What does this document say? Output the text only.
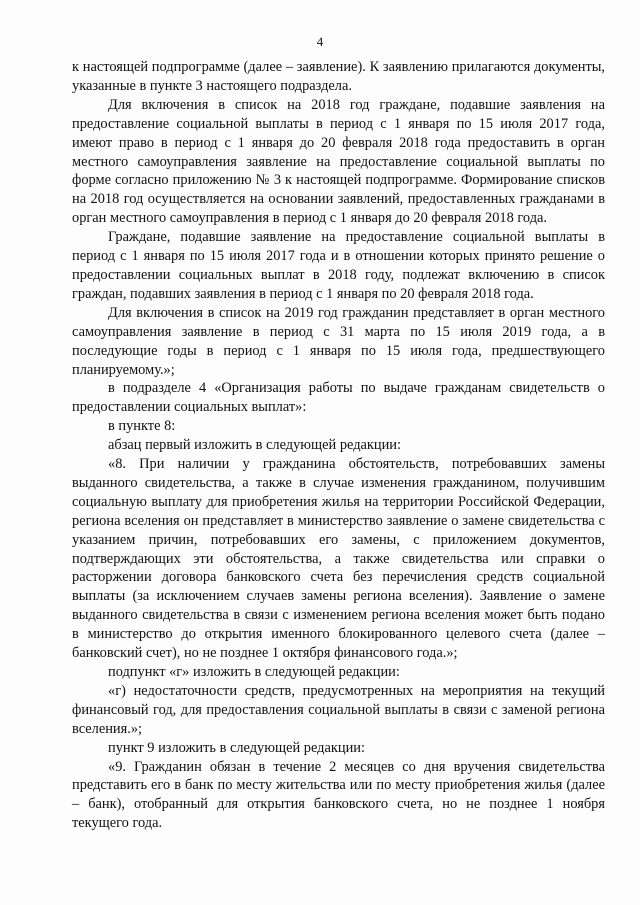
4

к настоящей подпрограмме (далее – заявление). К заявлению прилагаются документы, указанные в пункте 3 настоящего подраздела.

Для включения в список на 2018 год граждане, подавшие заявления на предоставление социальной выплаты в период с 1 января по 15 июля 2017 года, имеют право в период с 1 января до 20 февраля 2018 года предоставить в орган местного самоуправления заявление на предоставление социальной выплаты по форме согласно приложению № 3 к настоящей подпрограмме. Формирование списков на 2018 год осуществляется на основании заявлений, предоставленных гражданами в орган местного самоуправления в период с 1 января до 20 февраля 2018 года.

Граждане, подавшие заявление на предоставление социальной выплаты в период с 1 января по 15 июля 2017 года и в отношении которых принято решение о предоставлении социальных выплат в 2018 году, подлежат включению в список граждан, подавших заявления в период с 1 января по 20 февраля 2018 года.

Для включения в список на 2019 год гражданин представляет в орган местного самоуправления заявление в период с 31 марта по 15 июля 2019 года, а в последующие годы в период с 1 января по 15 июля года, предшествующего планируемому.»;

в подразделе 4 «Организация работы по выдаче гражданам свидетельств о предоставлении социальных выплат»:

в пункте 8:

абзац первый изложить в следующей редакции:

«8. При наличии у гражданина обстоятельств, потребовавших замены выданного свидетельства, а также в случае изменения гражданином, получившим социальную выплату для приобретения жилья на территории Российской Федерации, региона вселения он представляет в министерство заявление о замене свидетельства с указанием причин, потребовавших его замены, с приложением документов, подтверждающих эти обстоятельства, а также свидетельства или справки о расторжении договора банковского счета без перечисления средств социальной выплаты (за исключением случаев замены региона вселения). Заявление о замене выданного свидетельства в связи с изменением региона вселения может быть подано в министерство до открытия именного блокированного целевого счета (далее – банковский счет), но не позднее 1 октября финансового года.»;

подпункт «г» изложить в следующей редакции:

«г) недостаточности средств, предусмотренных на мероприятия на текущий финансовый год, для предоставления социальной выплаты в связи с заменой региона вселения.»;

пункт 9 изложить в следующей редакции:

«9. Гражданин обязан в течение 2 месяцев со дня вручения свидетельства представить его в банк по месту жительства или по месту приобретения жилья (далее – банк), отобранный для открытия банковского счета, но не позднее 1 ноября текущего года.
